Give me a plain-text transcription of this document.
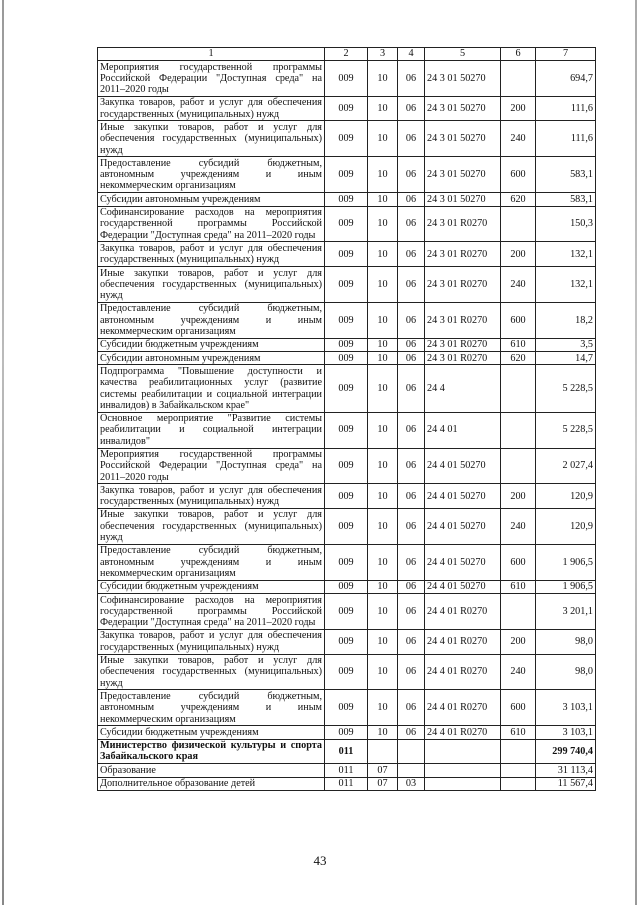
1	2	3	4	5	6	7
Мероприятия государственной программы Российской Федерации "Доступная среда" на 2011–2020 годы	009	10	06	24 3 01 50270		694,7
Закупка товаров, работ и услуг для обеспечения государственных (муниципальных) нужд	009	10	06	24 3 01 50270	200	111,6
Иные закупки товаров, работ и услуг для обеспечения государственных (муниципальных) нужд	009	10	06	24 3 01 50270	240	111,6
Предоставление субсидий бюджетным, автономным учреждениям и иным некоммерческим организациям	009	10	06	24 3 01 50270	600	583,1
Субсидии автономным учреждениям	009	10	06	24 3 01 50270	620	583,1
Софинансирование расходов на мероприятия государственной программы Российской Федерации "Доступная среда" на 2011–2020 годы	009	10	06	24 3 01 R0270		150,3
Закупка товаров, работ и услуг для обеспечения государственных (муниципальных) нужд	009	10	06	24 3 01 R0270	200	132,1
Иные закупки товаров, работ и услуг для обеспечения государственных (муниципальных) нужд	009	10	06	24 3 01 R0270	240	132,1
Предоставление субсидий бюджетным, автономным учреждениям и иным некоммерческим организациям	009	10	06	24 3 01 R0270	600	18,2
Субсидии бюджетным учреждениям	009	10	06	24 3 01 R0270	610	3,5
Субсидии автономным учреждениям	009	10	06	24 3 01 R0270	620	14,7
Подпрограмма "Повышение доступности и качества реабилитационных услуг (развитие системы реабилитации и социальной интеграции инвалидов) в Забайкальском крае"	009	10	06	24 4		5 228,5
Основное мероприятие "Развитие системы реабилитации и социальной интеграции инвалидов"	009	10	06	24 4 01		5 228,5
Мероприятия государственной программы Российской Федерации "Доступная среда" на 2011–2020 годы	009	10	06	24 4 01 50270		2 027,4
Закупка товаров, работ и услуг для обеспечения государственных (муниципальных) нужд	009	10	06	24 4 01 50270	200	120,9
Иные закупки товаров, работ и услуг для обеспечения государственных (муниципальных) нужд	009	10	06	24 4 01 50270	240	120,9
Предоставление субсидий бюджетным, автономным учреждениям и иным некоммерческим организациям	009	10	06	24 4 01 50270	600	1 906,5
Субсидии бюджетным учреждениям	009	10	06	24 4 01 50270	610	1 906,5
Софинансирование расходов на мероприятия государственной программы Российской Федерации "Доступная среда" на 2011–2020 годы	009	10	06	24 4 01 R0270		3 201,1
Закупка товаров, работ и услуг для обеспечения государственных (муниципальных) нужд	009	10	06	24 4 01 R0270	200	98,0
Иные закупки товаров, работ и услуг для обеспечения государственных (муниципальных) нужд	009	10	06	24 4 01 R0270	240	98,0
Предоставление субсидий бюджетным, автономным учреждениям и иным некоммерческим организациям	009	10	06	24 4 01 R0270	600	3 103,1
Субсидии бюджетным учреждениям	009	10	06	24 4 01 R0270	610	3 103,1
Министерство физической культуры и спорта Забайкальского края	011					299 740,4
Образование	011	07				31 113,4
Дополнительное образование детей	011	07	03			11 567,4
43
